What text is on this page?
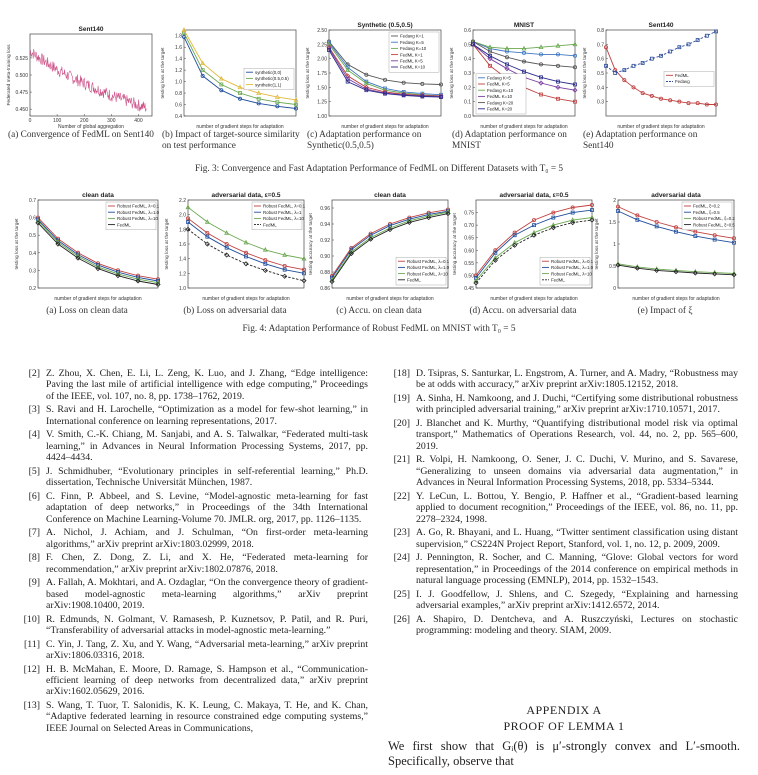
Sent140
0.450
0.475
0.500
0.525
0	100	200	300	400
Number of global aggregation
Federated meta-training loss
0.4
0.6
0.8
1.0
1.2
1.4
1.6
1.8
number of gradient steps for adaptation
testing loss at the target	synthetic(0,0)
synthetic(0.5,0.5)
synthetic(1,1)
Synthetic (0.5,0.5)
1.00
1.25
1.50
1.75
2.00
2.25
2.50
number of gradient steps for adaptation
testing loss at the target
Fedavg K=1
Fedavg K=5
Fedavg K=10
FedML K=1
FedML K=5
FedML K=10
MNIST
0.0
0.1
0.2
0.3
0.4
0.5
0.6
number of gradient steps for adaptation
testing loss at the target	Fedavg K=5
FedML K=5
Fedavg K=10
FedML K=10
Fedavg K=20
FedML K=20
Sent140
0.3
0.4
0.5
0.6
0.7
0.8
number of gradient steps for adaptation
testing loss at the target	FedML
Fedavg
(a) Convergence of FedML on Sent140 (b) Impact of target-source similarity on test performance
(c) Adaptation performance on Synthetic(0.5,0.5)
(d) Adaptation performance on MNIST
(e) Adaptation performance on Sent140
Fig. 3: Convergence and Fast Adaptation Performance of FedML on Different Datasets with T₀ = 5
clean data
0.2
0.3
0.4
0.5
0.6
0.7
number of gradient steps for adaptation
testing loss at the target
Robust FedML, λ=0.1
Robust FedML, λ=1.0
Robust FedML, λ=10
FedML
adversarial data, ε=0.5
1.0
1.2
1.4
1.6
1.8
2.0
2.2
number of gradient steps for adaptation
testing loss at the target
Robust FedML, λ=0.1
Robust FedML, λ=1
Robust FedML, λ=10
FedML
clean data
0.86
0.88
0.90
0.92
0.94
0.96
number of gradient steps for adaptation
testing accuracy at the target	Robust FedML, λ=0.1
Robust FedML, λ=1.0
Robust FedML, λ=10
FedML
adversarial data, ε=0.5
0.45
0.50
0.55
0.60
0.65
0.70
0.75
number of gradient steps for adaptation
testing accuracy at the target	Robust FedML, λ=0.1
Robust FedML, λ=1.0
Robust FedML, λ=10
FedML
adversarial data
0
0.5
1
1.5
2
number of gradient steps for adaptation
testing loss at the target
FedML, ξ=0.2
FedML, ξ=0.5
Robust FedML, ξ=0.2
Robust FedML, ξ=0.5
(a) Loss on clean data	(b) Loss on adversarial data	(c) Accu. on clean data	(d) Accu. on adversarial data	(e) Impact of ξ
Fig. 4: Adaptation Performance of Robust FedML on MNIST with T₀ = 5
[2] Z. Zhou, X. Chen, E. Li, L. Zeng, K. Luo, and J. Zhang, “Edge intelligence: Paving the last mile of artificial intelligence with edge computing,” Proceedings of the IEEE, vol. 107, no. 8, pp. 1738–1762, 2019.
[3] S. Ravi and H. Larochelle, “Optimization as a model for few-shot learning,” in International conference on learning representations, 2017.
[4] V. Smith, C.-K. Chiang, M. Sanjabi, and A. S. Talwalkar, “Federated multi-task learning,” in Advances in Neural Information Processing Systems, 2017, pp. 4424–4434.
[5] J. Schmidhuber, “Evolutionary principles in self-referential learning,” Ph.D. dissertation, Technische Universität München, 1987.
[6] C. Finn, P. Abbeel, and S. Levine, “Model-agnostic meta-learning for fast adaptation of deep networks,” in Proceedings of the 34th International Conference on Machine Learning-Volume 70. JMLR. org, 2017, pp. 1126–1135.
[7] A. Nichol, J. Achiam, and J. Schulman, “On first-order meta-learning algorithms,” arXiv preprint arXiv:1803.02999, 2018.
[8] F. Chen, Z. Dong, Z. Li, and X. He, “Federated meta-learning for recommendation,” arXiv preprint arXiv:1802.07876, 2018.
[9] A. Fallah, A. Mokhtari, and A. Ozdaglar, “On the convergence theory of gradient-based model-agnostic meta-learning algorithms,” arXiv preprint arXiv:1908.10400, 2019.
[10] R. Edmunds, N. Golmant, V. Ramasesh, P. Kuznetsov, P. Patil, and R. Puri, “Transferability of adversarial attacks in model-agnostic meta-learning.”
[11] C. Yin, J. Tang, Z. Xu, and Y. Wang, “Adversarial meta-learning,” arXiv preprint arXiv:1806.03316, 2018.
[12] H. B. McMahan, E. Moore, D. Ramage, S. Hampson et al., “Communication-efficient learning of deep networks from decentralized data,” arXiv preprint arXiv:1602.05629, 2016.
[13] S. Wang, T. Tuor, T. Salonidis, K. K. Leung, C. Makaya, T. He, and K. Chan, “Adaptive federated learning in resource constrained edge computing systems,” IEEE Journal on Selected Areas in Communications,
[18] D. Tsipras, S. Santurkar, L. Engstrom, A. Turner, and A. Madry, “Robustness may be at odds with accuracy,” arXiv preprint arXiv:1805.12152, 2018.
[19] A. Sinha, H. Namkoong, and J. Duchi, “Certifying some distributional robustness with principled adversarial training,” arXiv preprint arXiv:1710.10571, 2017.
[20] J. Blanchet and K. Murthy, “Quantifying distributional model risk via optimal transport,” Mathematics of Operations Research, vol. 44, no. 2, pp. 565–600, 2019.
[21] R. Volpi, H. Namkoong, O. Sener, J. C. Duchi, V. Murino, and S. Savarese, “Generalizing to unseen domains via adversarial data augmentation,” in Advances in Neural Information Processing Systems, 2018, pp. 5334–5344.
[22] Y. LeCun, L. Bottou, Y. Bengio, P. Haffner et al., “Gradient-based learning applied to document recognition,” Proceedings of the IEEE, vol. 86, no. 11, pp. 2278–2324, 1998.
[23] A. Go, R. Bhayani, and L. Huang, “Twitter sentiment classification using distant supervision,” CS224N Project Report, Stanford, vol. 1, no. 12, p. 2009, 2009.
[24] J. Pennington, R. Socher, and C. Manning, “Glove: Global vectors for word representation,” in Proceedings of the 2014 conference on empirical methods in natural language processing (EMNLP), 2014, pp. 1532–1543.
[25] I. J. Goodfellow, J. Shlens, and C. Szegedy, “Explaining and harnessing adversarial examples,” arXiv preprint arXiv:1412.6572, 2014.
[26] A. Shapiro, D. Dentcheva, and A. Ruszczyński, Lectures on stochastic programming: modeling and theory. SIAM, 2009.
APPENDIX A
PROOF OF LEMMA 1
We first show that Gᵢ(θ) is μ′-strongly convex and L′-smooth. Specifically, observe that
